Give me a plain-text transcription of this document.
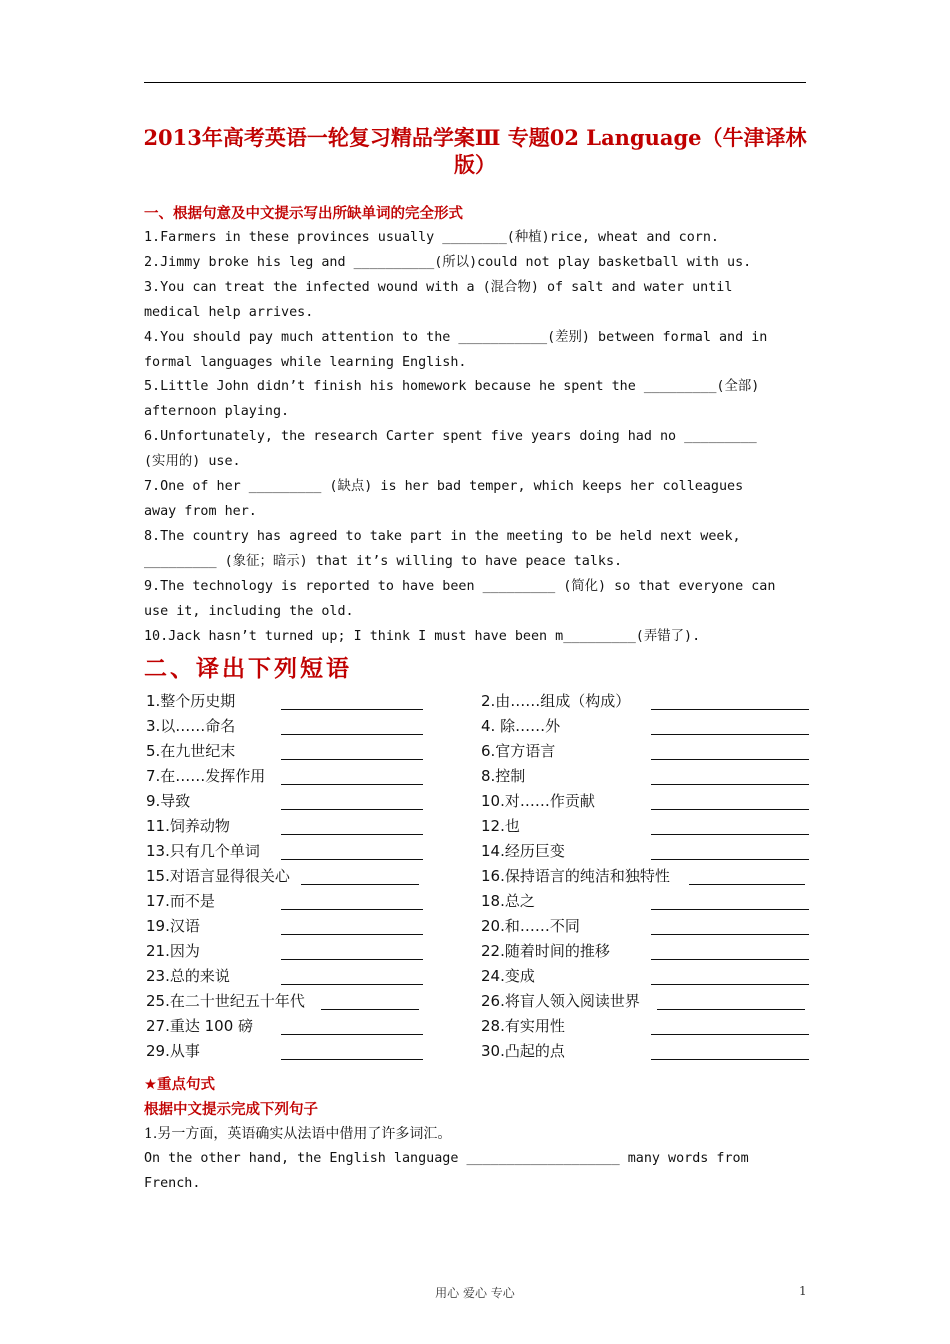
2013年高考英语一轮复习精品学案Ⅲ 专题02 Language（牛津译林版）
一、根据句意及中文提示写出所缺单词的完全形式
1.Farmers in these provinces usually ________(种植)rice, wheat and corn.
2.Jimmy broke his leg and __________(所以)could not play basketball with us.
3.You can treat the infected wound with a (混合物) of salt and water until
medical help arrives.
4.You should pay much attention to the ___________(差别) between formal and in
formal languages while learning English.
5.Little John didn’t finish his homework because he spent the _________(全部)
afternoon playing.
6.Unfortunately, the research Carter spent five years doing had no _________
(实用的) use.
7.One of her _________ (缺点) is her bad temper, which keeps her colleagues
away from her.
8.The country has agreed to take part in the meeting to be held next week,
_________ (象征；暗示) that it’s willing to have peace talks.
9.The technology is reported to have been _________ (简化) so that everyone can
use it, including the old.
10.Jack hasn’t turned up; I think I must have been m_________(弄错了).
二、译出下列短语
1.整个历史期
3.以……命名
5.在九世纪末
7.在……发挥作用
9.导致
11.饲养动物
13.只有几个单词
15.对语言显得很关心
17.而不是
19.汉语
21.因为
23.总的来说
25.在二十世纪五十年代
27.重达 100 磅
29.从事
2.由……组成（构成）
4. 除……外
6.官方语言
8.控制
10.对……作贡献
12.也
14.经历巨变
16.保持语言的纯洁和独特性
18.总之
20.和……不同
22.随着时间的推移
24.变成
26.将盲人领入阅读世界
28.有实用性
30.凸起的点
★重点句式
根据中文提示完成下列句子
1.另一方面，英语确实从法语中借用了许多词汇。
On the other hand, the English language ___________________ many words from
French.
用心 爱心 专心	1
